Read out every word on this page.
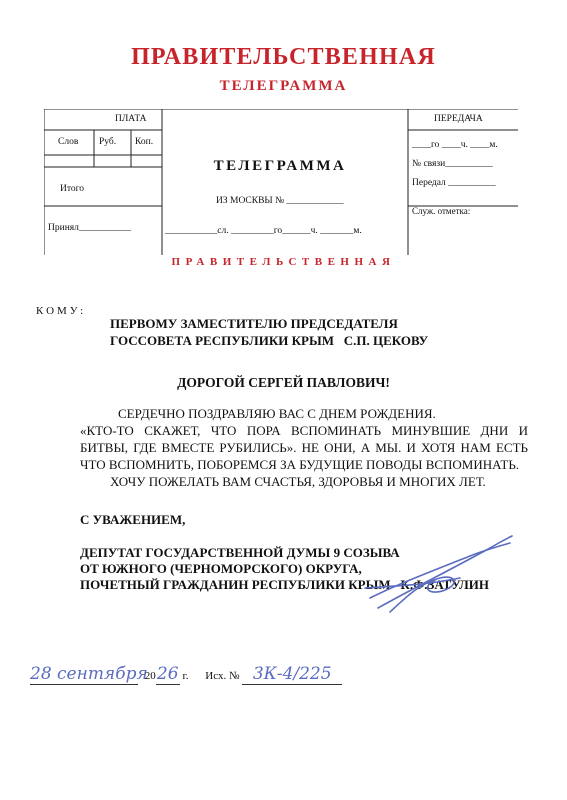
ПРАВИТЕЛЬСТВЕННАЯ
ТЕЛЕГРАММА
ПЛАТА	ПЕРЕДАЧА
Слов Руб. Коп.
Итого
Принял___________
ТЕЛЕГРАММА
ИЗ МОСКВЫ № ____________
___________сл. _________го______ч. _______м.
____го ____ч. ____м.
№ связи__________
Передал __________
Служ. отметка:
ПРАВИТЕЛЬСТВЕННАЯ
КОМУ:
ПЕРВОМУ ЗАМЕСТИТЕЛЮ ПРЕДСЕДАТЕЛЯ
ГОССОВЕТА РЕСПУБЛИКИ КРЫМ   С.П. ЦЕКОВУ
ДОРОГОЙ СЕРГЕЙ ПАВЛОВИЧ!

СЕРДЕЧНО ПОЗДРАВЛЯЮ ВАС С ДНЕМ РОЖДЕНИЯ.

«КТО-ТО СКАЖЕТ, ЧТО ПОРА ВСПОМИНАТЬ МИНУВШИЕ ДНИ И БИТВЫ, ГДЕ ВМЕСТЕ РУБИЛИСЬ». НЕ ОНИ, А МЫ. И ХОТЯ НАМ ЕСТЬ ЧТО ВСПОМНИТЬ, ПОБОРЕМСЯ ЗА БУДУЩИЕ ПОВОДЫ ВСПОМИНАТЬ.

ХОЧУ ПОЖЕЛАТЬ ВАМ СЧАСТЬЯ, ЗДОРОВЬЯ И МНОГИХ ЛЕТ.

С УВАЖЕНИЕМ,
ДЕПУТАТ ГОСУДАРСТВЕННОЙ ДУМЫ 9 СОЗЫВА
ОТ ЮЖНОГО (ЧЕРНОМОРСКОГО) ОКРУГА,
ПОЧЕТНЫЙ ГРАЖДАНИН РЕСПУБЛИКИ КРЫМ   К.Ф.ЗАТУЛИН
28 сентября 2026 г. Исх. № 3К-4/225
